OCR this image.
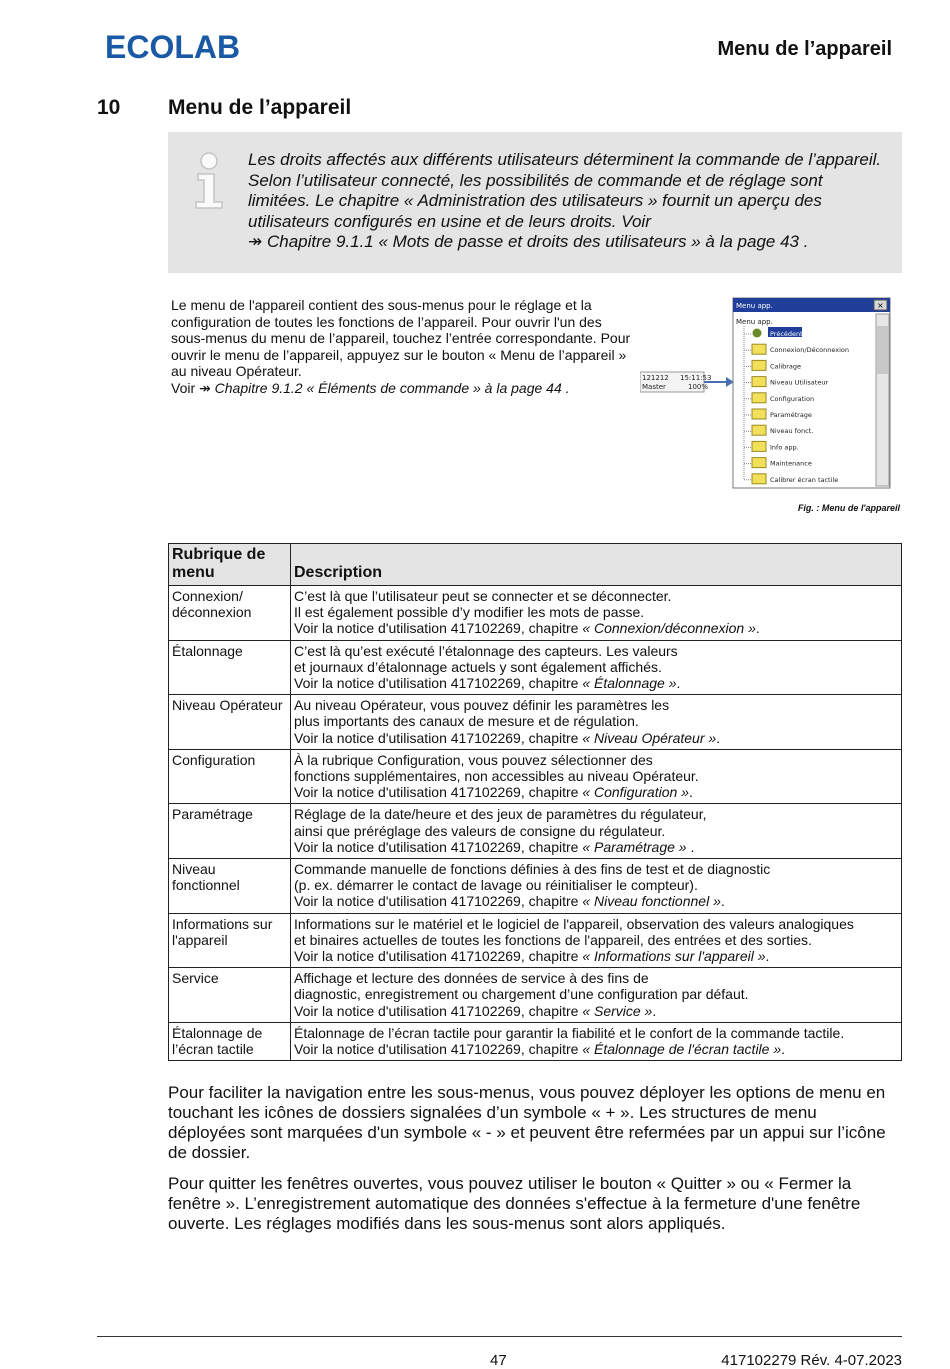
ECOLAB	Menu de l’appareil
10 Menu de l’appareil
Les droits affectés aux différents utilisateurs déterminent la commande de l’appareil. Selon l’utilisateur connecté, les possibilités de commande et de réglage sont limitées. Le chapitre « Administration des utilisateurs » fournit un aperçu des utilisateurs configurés en usine et de leurs droits. Voir
↠ Chapitre 9.1.1 « Mots de passe et droits des utilisateurs » à la page 43 .
Le menu de l'appareil contient des sous-menus pour le réglage et la configuration de toutes les fonctions de l’appareil. Pour ouvrir l'un des sous-menus du menu de l’appareil, touchez l’entrée correspondante. Pour ouvrir le menu de l’appareil, appuyez sur le bouton « Menu de l’appareil » au niveau Opérateur.
Voir ↠ Chapitre 9.1.2 « Éléments de commande » à la page 44 .
121212
Master
15:11:53
100%
Menu app.	×
Menu app.
Précédent
Connexion/Déconnexion
Calibrage
Niveau Utilisateur
Configuration
Paramétrage
Niveau fonct.
Info app.
Maintenance
Calibrer écran tactile
Fig. : Menu de l'appareil
Rubrique de menu	Description
Connexion/ déconnexion	C’est là que l’utilisateur peut se connecter et se déconnecter.
Il est également possible d’y modifier les mots de passe.
Voir la notice d'utilisation 417102269, chapitre « Connexion/déconnexion ».
Étalonnage	C’est là qu’est exécuté l’étalonnage des capteurs. Les valeurs
et journaux d’étalonnage actuels y sont également affichés.
Voir la notice d'utilisation 417102269, chapitre « Étalonnage ».
Niveau Opérateur	Au niveau Opérateur, vous pouvez définir les paramètres les
plus importants des canaux de mesure et de régulation.
Voir la notice d'utilisation 417102269, chapitre « Niveau Opérateur ».
Configuration	À la rubrique Configuration, vous pouvez sélectionner des
fonctions supplémentaires, non accessibles au niveau Opérateur.
Voir la notice d'utilisation 417102269, chapitre « Configuration ».
Paramétrage	Réglage de la date/heure et des jeux de paramètres du régulateur,
ainsi que préréglage des valeurs de consigne du régulateur.
Voir la notice d'utilisation 417102269, chapitre « Paramétrage » .
Niveau fonctionnel	Commande manuelle de fonctions définies à des fins de test et de diagnostic
(p. ex. démarrer le contact de lavage ou réinitialiser le compteur).
Voir la notice d'utilisation 417102269, chapitre « Niveau fonctionnel ».
Informations sur l'appareil	Informations sur le matériel et le logiciel de l'appareil, observation des valeurs analogiques
et binaires actuelles de toutes les fonctions de l'appareil, des entrées et des sorties.
Voir la notice d'utilisation 417102269, chapitre « Informations sur l'appareil ».
Service	Affichage et lecture des données de service à des fins de
diagnostic, enregistrement ou chargement d’une configuration par défaut.
Voir la notice d'utilisation 417102269, chapitre « Service ».
Étalonnage de l’écran tactile	Étalonnage de l’écran tactile pour garantir la fiabilité et le confort de la commande tactile.
Voir la notice d'utilisation 417102269, chapitre « Étalonnage de l'écran tactile ».
Pour faciliter la navigation entre les sous-menus, vous pouvez déployer les options de menu en touchant les icônes de dossiers signalées d’un symbole « + ». Les structures de menu déployées sont marquées d'un symbole « - » et peuvent être refermées par un appui sur l’icône de dossier.
Pour quitter les fenêtres ouvertes, vous pouvez utiliser le bouton « Quitter » ou « Fermer la fenêtre ». L’enregistrement automatique des données s'effectue à la fermeture d'une fenêtre ouverte. Les réglages modifiés dans les sous-menus sont alors appliqués.
47	417102279 Rév. 4-07.2023
